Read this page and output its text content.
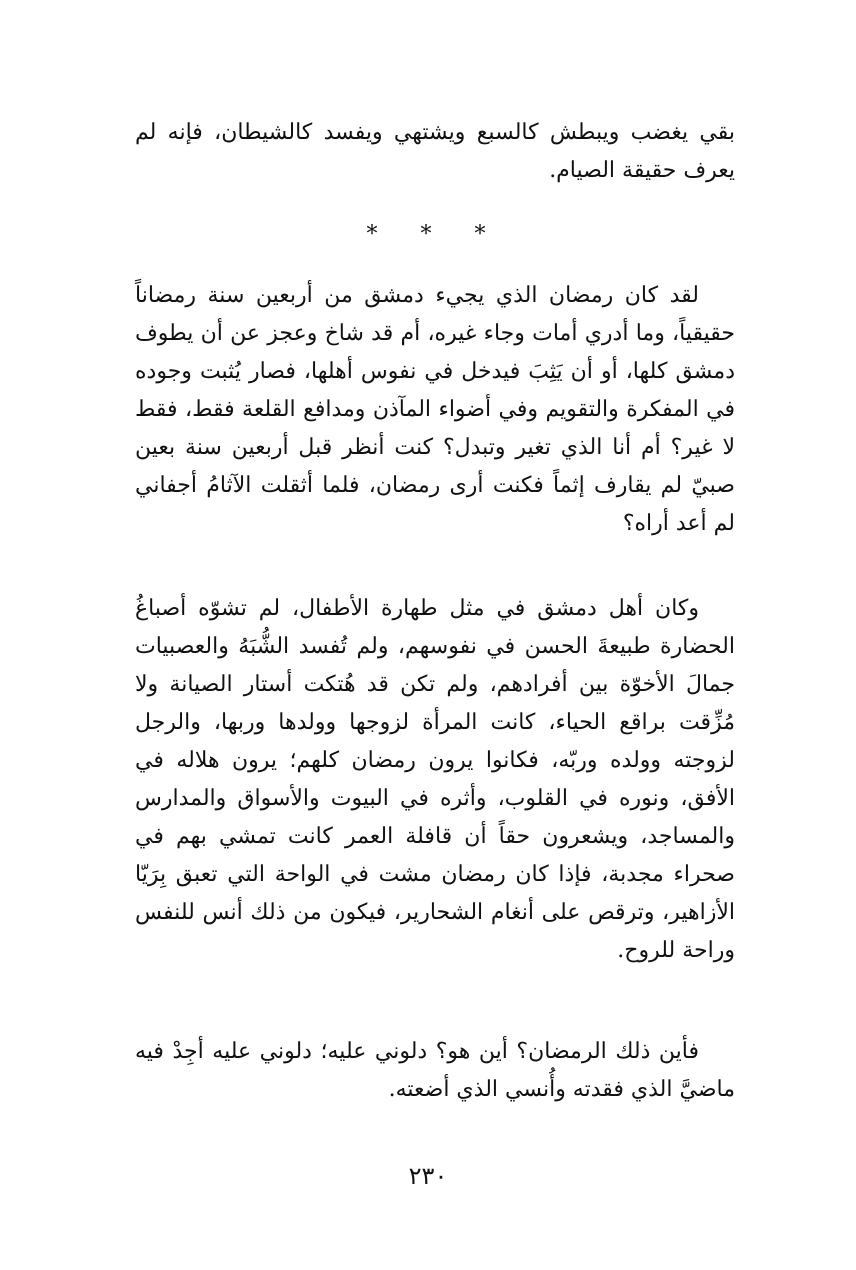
بقي يغضب ويبطش كالسبع ويشتهي ويفسد كالشيطان، فإنه لم يعرف حقيقة الصيام.

* * *

لقد كان رمضان الذي يجيء دمشق من أربعين سنة رمضاناً حقيقياً، وما أدري أمات وجاء غيره، أم قد شاخ وعجز عن أن يطوف دمشق كلها، أو أن يَثِبَ فيدخل في نفوس أهلها، فصار يُثبت وجوده في المفكرة والتقويم وفي أضواء المآذن ومدافع القلعة فقط، فقط لا غير؟ أم أنا الذي تغير وتبدل؟ كنت أنظر قبل أربعين سنة بعين صبيّ لم يقارف إثماً فكنت أرى رمضان، فلما أثقلت الآثامُ أجفاني لم أعد أراه؟

وكان أهل دمشق في مثل طهارة الأطفال، لم تشوّه أصباغُ الحضارة طبيعةَ الحسن في نفوسهم، ولم تُفسد الشُّبَهُ والعصبيات جمالَ الأخوّة بين أفرادهم، ولم تكن قد هُتكت أستار الصيانة ولا مُزِّقت براقع الحياء، كانت المرأة لزوجها وولدها وربها، والرجل لزوجته وولده وربّه، فكانوا يرون رمضان كلهم؛ يرون هلاله في الأفق، ونوره في القلوب، وأثره في البيوت والأسواق والمدارس والمساجد، ويشعرون حقاً أن قافلة العمر كانت تمشي بهم في صحراء مجدبة، فإذا كان رمضان مشت في الواحة التي تعبق بِرَيّا الأزاهير، وترقص على أنغام الشحارير، فيكون من ذلك أنس للنفس وراحة للروح.

فأين ذلك الرمضان؟ أين هو؟ دلوني عليه؛ دلوني عليه أجِدْ فيه ماضيَّ الذي فقدته وأُنسي الذي أضعته.

٢٣٠
